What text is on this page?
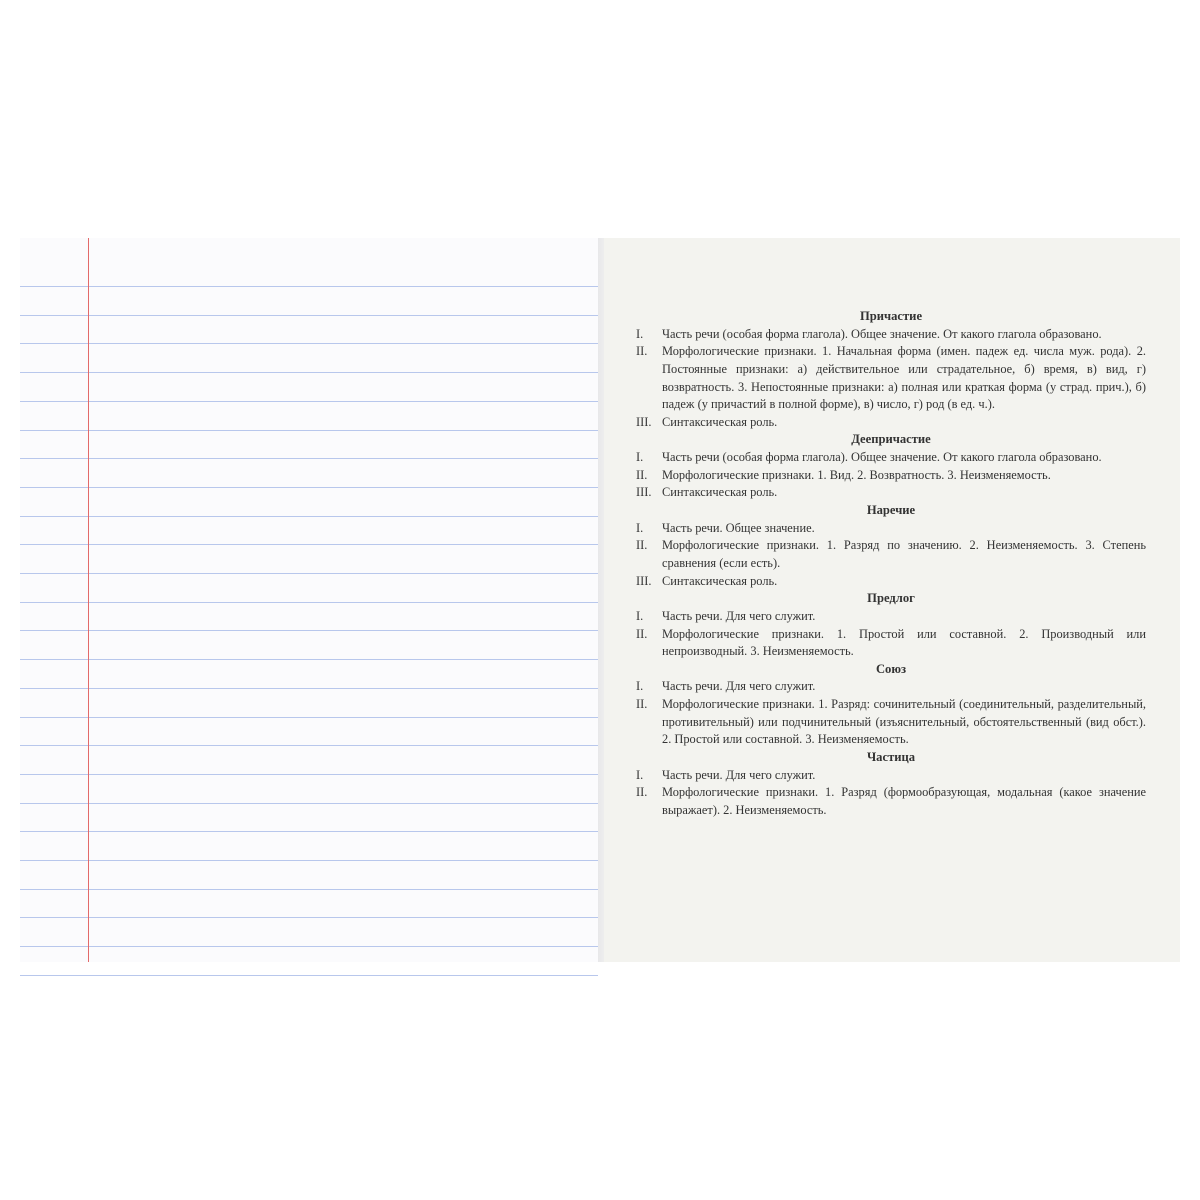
Причастие
I.	Часть речи (особая форма глагола). Общее значение. От какого глагола образовано.
II.	Морфологические признаки. 1. Начальная форма (имен. падеж ед. числа муж. рода). 2. Постоянные признаки: а) действительное или страдательное, б) время, в) вид, г) возвратность. 3. Непостоянные признаки: а) полная или краткая форма (у страд. прич.), б) падеж (у причастий в полной форме), в) число, г) род (в ед. ч.).
III. Синтаксическая роль.
Деепричастие
I.	Часть речи (особая форма глагола). Общее значение. От какого глагола образовано.
II.	Морфологические признаки. 1. Вид. 2. Возвратность. 3. Неизменяемость.
III. Синтаксическая роль.
Наречие
I.	Часть речи. Общее значение.
II.	Морфологические признаки. 1. Разряд по значению. 2. Неизменяемость. 3. Степень сравнения (если есть).
III. Синтаксическая роль.
Предлог
I.	Часть речи. Для чего служит.
II.	Морфологические признаки. 1. Простой или составной. 2. Производный или непроизводный. 3. Неизменяемость.
Союз
I.	Часть речи. Для чего служит.
II.	Морфологические признаки. 1. Разряд: сочинительный (соединительный, разделительный, противительный) или подчинительный (изъяснительный, обстоятельственный (вид обст.). 2. Простой или составной. 3. Неизменяемость.
Частица
I.	Часть речи. Для чего служит.
II.	Морфологические признаки. 1. Разряд (формообразующая, модальная (какое значение выражает). 2. Неизменяемость.
